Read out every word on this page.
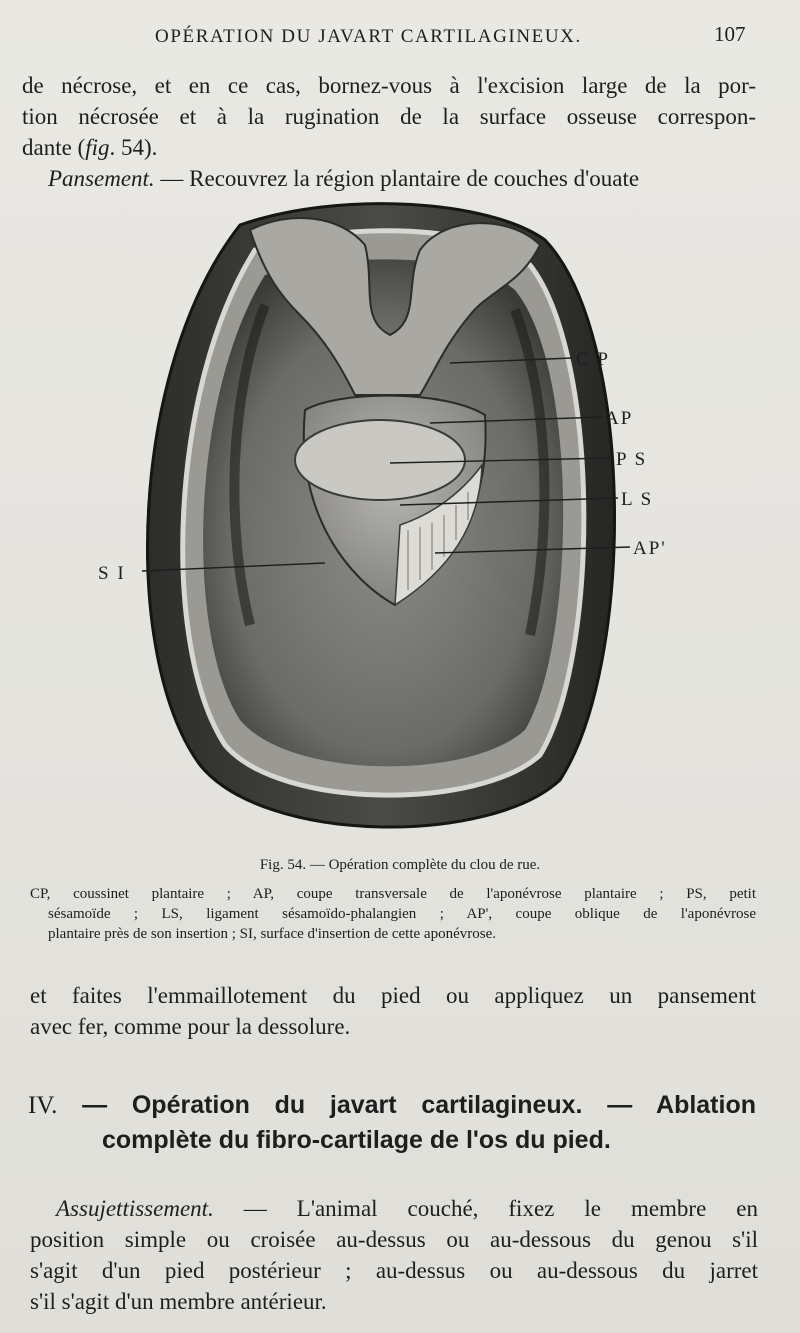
OPÉRATION DU JAVART CARTILAGINEUX.	107
de nécrose, et en ce cas, bornez-vous à l'excision large de la por-
tion nécrosée et à la rugination de la surface osseuse correspon-
dante (fig. 54).
Pansement. — Recouvrez la région plantaire de couches d'ouate
C P
AP
P S
L S
AP'
S I
Fig. 54. — Opération complète du clou de rue.
CP, coussinet plantaire ; AP, coupe transversale de l'aponévrose plantaire ; PS, petit
sésamoïde ; LS, ligament sésamoïdo-phalangien ; AP', coupe oblique de l'aponévrose
plantaire près de son insertion ; SI, surface d'insertion de cette aponévrose.
et faites l'emmaillotement du pied ou appliquez un pansement
avec fer, comme pour la dessolure.
IV. — Opération du javart cartilagineux. — Ablation
complète du fibro-cartilage de l'os du pied.
Assujettissement. — L'animal couché, fixez le membre en
position simple ou croisée au-dessus ou au-dessous du genou s'il
s'agit d'un pied postérieur ; au-dessus ou au-dessous du jarret
s'il s'agit d'un membre antérieur.
